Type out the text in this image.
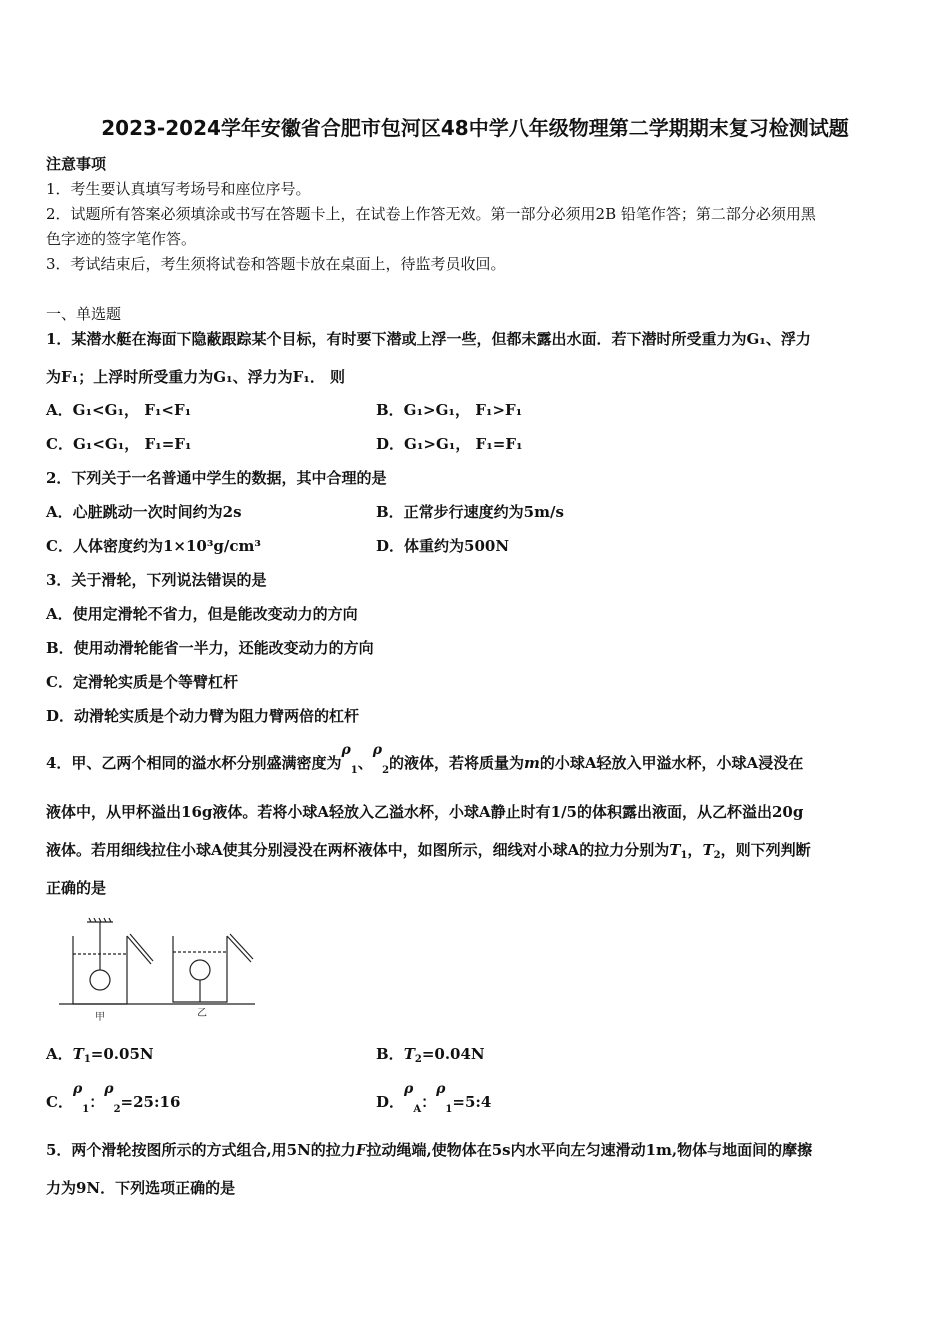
2023-2024学年安徽省合肥市包河区48中学八年级物理第二学期期末复习检测试题
注意事项
1．考生要认真填写考场号和座位序号。
2．试题所有答案必须填涂或书写在答题卡上，在试卷上作答无效。第一部分必须用2B 铅笔作答；第二部分必须用黑
色字迹的签字笔作答。
3．考试结束后，考生须将试卷和答题卡放在桌面上，待监考员收回。
一、单选题
1．某潜水艇在海面下隐蔽跟踪某个目标，有时要下潜或上浮一些，但都未露出水面．若下潜时所受重力为G₁、浮力
为F₁；上浮时所受重力为G₁、浮力为F₁． 则
A．G₁<G₁， F₁<F₁	B．G₁>G₁， F₁>F₁
C．G₁<G₁， F₁=F₁	D．G₁>G₁， F₁=F₁
2．下列关于一名普通中学生的数据，其中合理的是
A．心脏跳动一次时间约为2s	B．正常步行速度约为5m/s
C．人体密度约为1×10³g/cm³	D．体重约为500N
3．关于滑轮，下列说法错误的是
A．使用定滑轮不省力，但是能改变动力的方向
B．使用动滑轮能省一半力，还能改变动力的方向
C．定滑轮实质是个等臂杠杆
D．动滑轮实质是个动力臂为阻力臂两倍的杠杆
4．甲、乙两个相同的溢水杯分别盛满密度为$\rho_1$、$\rho_2$的液体，若将质量为m的小球A轻放入甲溢水杯，小球A浸没在
液体中，从甲杯溢出16g液体。若将小球A轻放入乙溢水杯，小球A静止时有1/5的体积露出液面，从乙杯溢出20g
液体。若用细线拉住小球A使其分别浸没在两杯液体中，如图所示，细线对小球A的拉力分别为$T_1$，$T_2$，则下列判断
正确的是
甲	乙
A．$T_1=0.05N$	B．$T_2=0.04N$
C．$\rho_1$：$\rho_2=25:16$	D．$\rho_A$：$\rho_1=5:4$
5．两个滑轮按图所示的方式组合,用5N的拉力F拉动绳端,使物体在5s内水平向左匀速滑动1m,物体与地面间的摩擦
力为9N．下列选项正确的是
